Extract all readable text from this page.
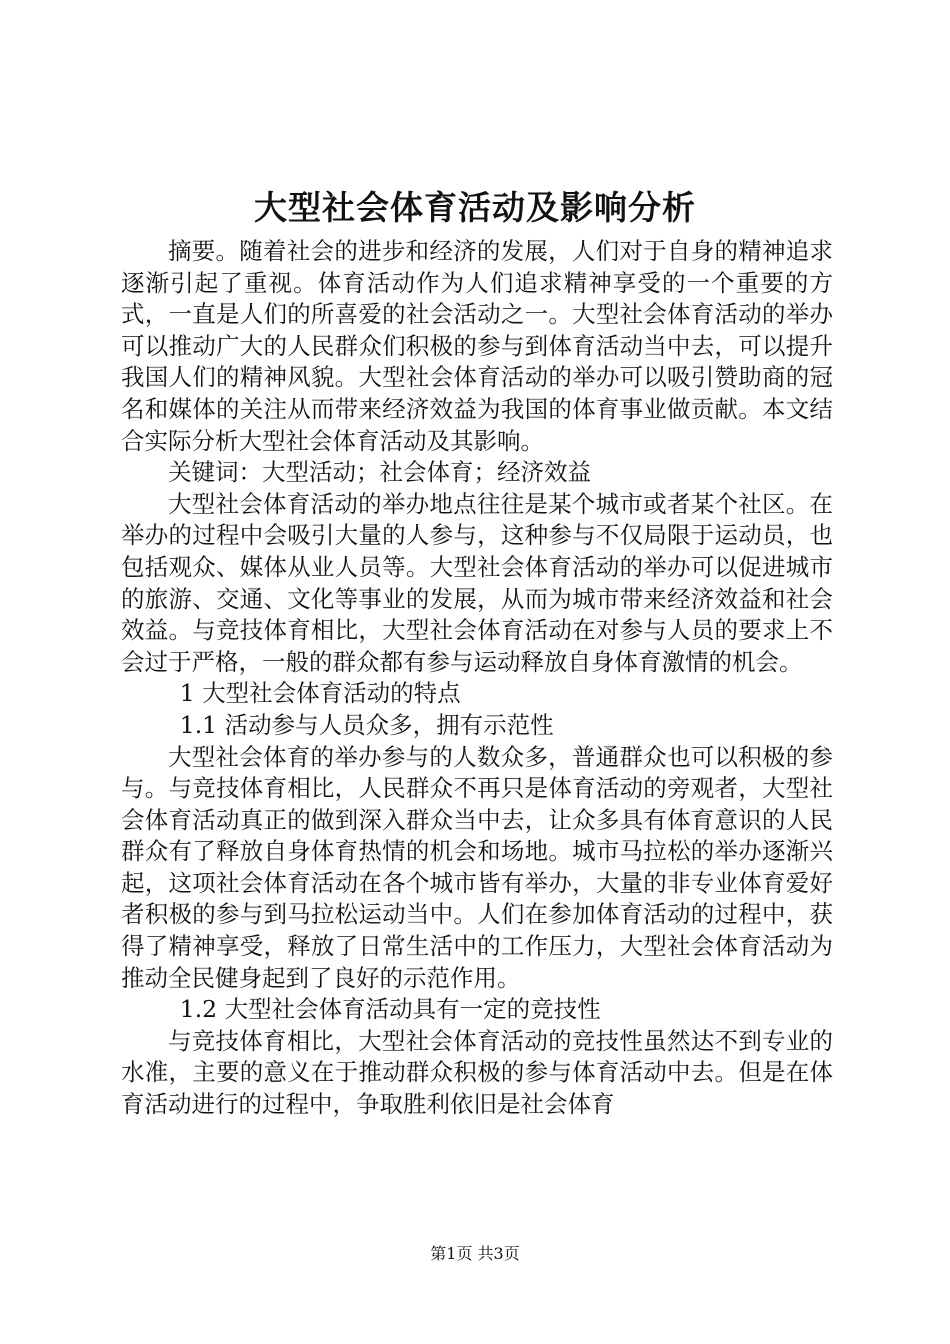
大型社会体育活动及影响分析

摘要。随着社会的进步和经济的发展，人们对于自身的精神追求逐渐引起了重视。体育活动作为人们追求精神享受的一个重要的方式，一直是人们的所喜爱的社会活动之一。大型社会体育活动的举办可以推动广大的人民群众们积极的参与到体育活动当中去，可以提升我国人们的精神风貌。大型社会体育活动的举办可以吸引赞助商的冠名和媒体的关注从而带来经济效益为我国的体育事业做贡献。本文结合实际分析大型社会体育活动及其影响。

关键词：大型活动；社会体育；经济效益

大型社会体育活动的举办地点往往是某个城市或者某个社区。在举办的过程中会吸引大量的人参与，这种参与不仅局限于运动员，也包括观众、媒体从业人员等。大型社会体育活动的举办可以促进城市的旅游、交通、文化等事业的发展，从而为城市带来经济效益和社会效益。与竞技体育相比，大型社会体育活动在对参与人员的要求上不会过于严格，一般的群众都有参与运动释放自身体育激情的机会。

1 大型社会体育活动的特点

1.1 活动参与人员众多，拥有示范性

大型社会体育的举办参与的人数众多，普通群众也可以积极的参与。与竞技体育相比，人民群众不再只是体育活动的旁观者，大型社会体育活动真正的做到深入群众当中去，让众多具有体育意识的人民群众有了释放自身体育热情的机会和场地。城市马拉松的举办逐渐兴起，这项社会体育活动在各个城市皆有举办，大量的非专业体育爱好者积极的参与到马拉松运动当中。人们在参加体育活动的过程中，获得了精神享受，释放了日常生活中的工作压力，大型社会体育活动为推动全民健身起到了良好的示范作用。

1.2 大型社会体育活动具有一定的竞技性

与竞技体育相比，大型社会体育活动的竞技性虽然达不到专业的水准，主要的意义在于推动群众积极的参与体育活动中去。但是在体育活动进行的过程中，争取胜利依旧是社会体育

第1页 共3页
